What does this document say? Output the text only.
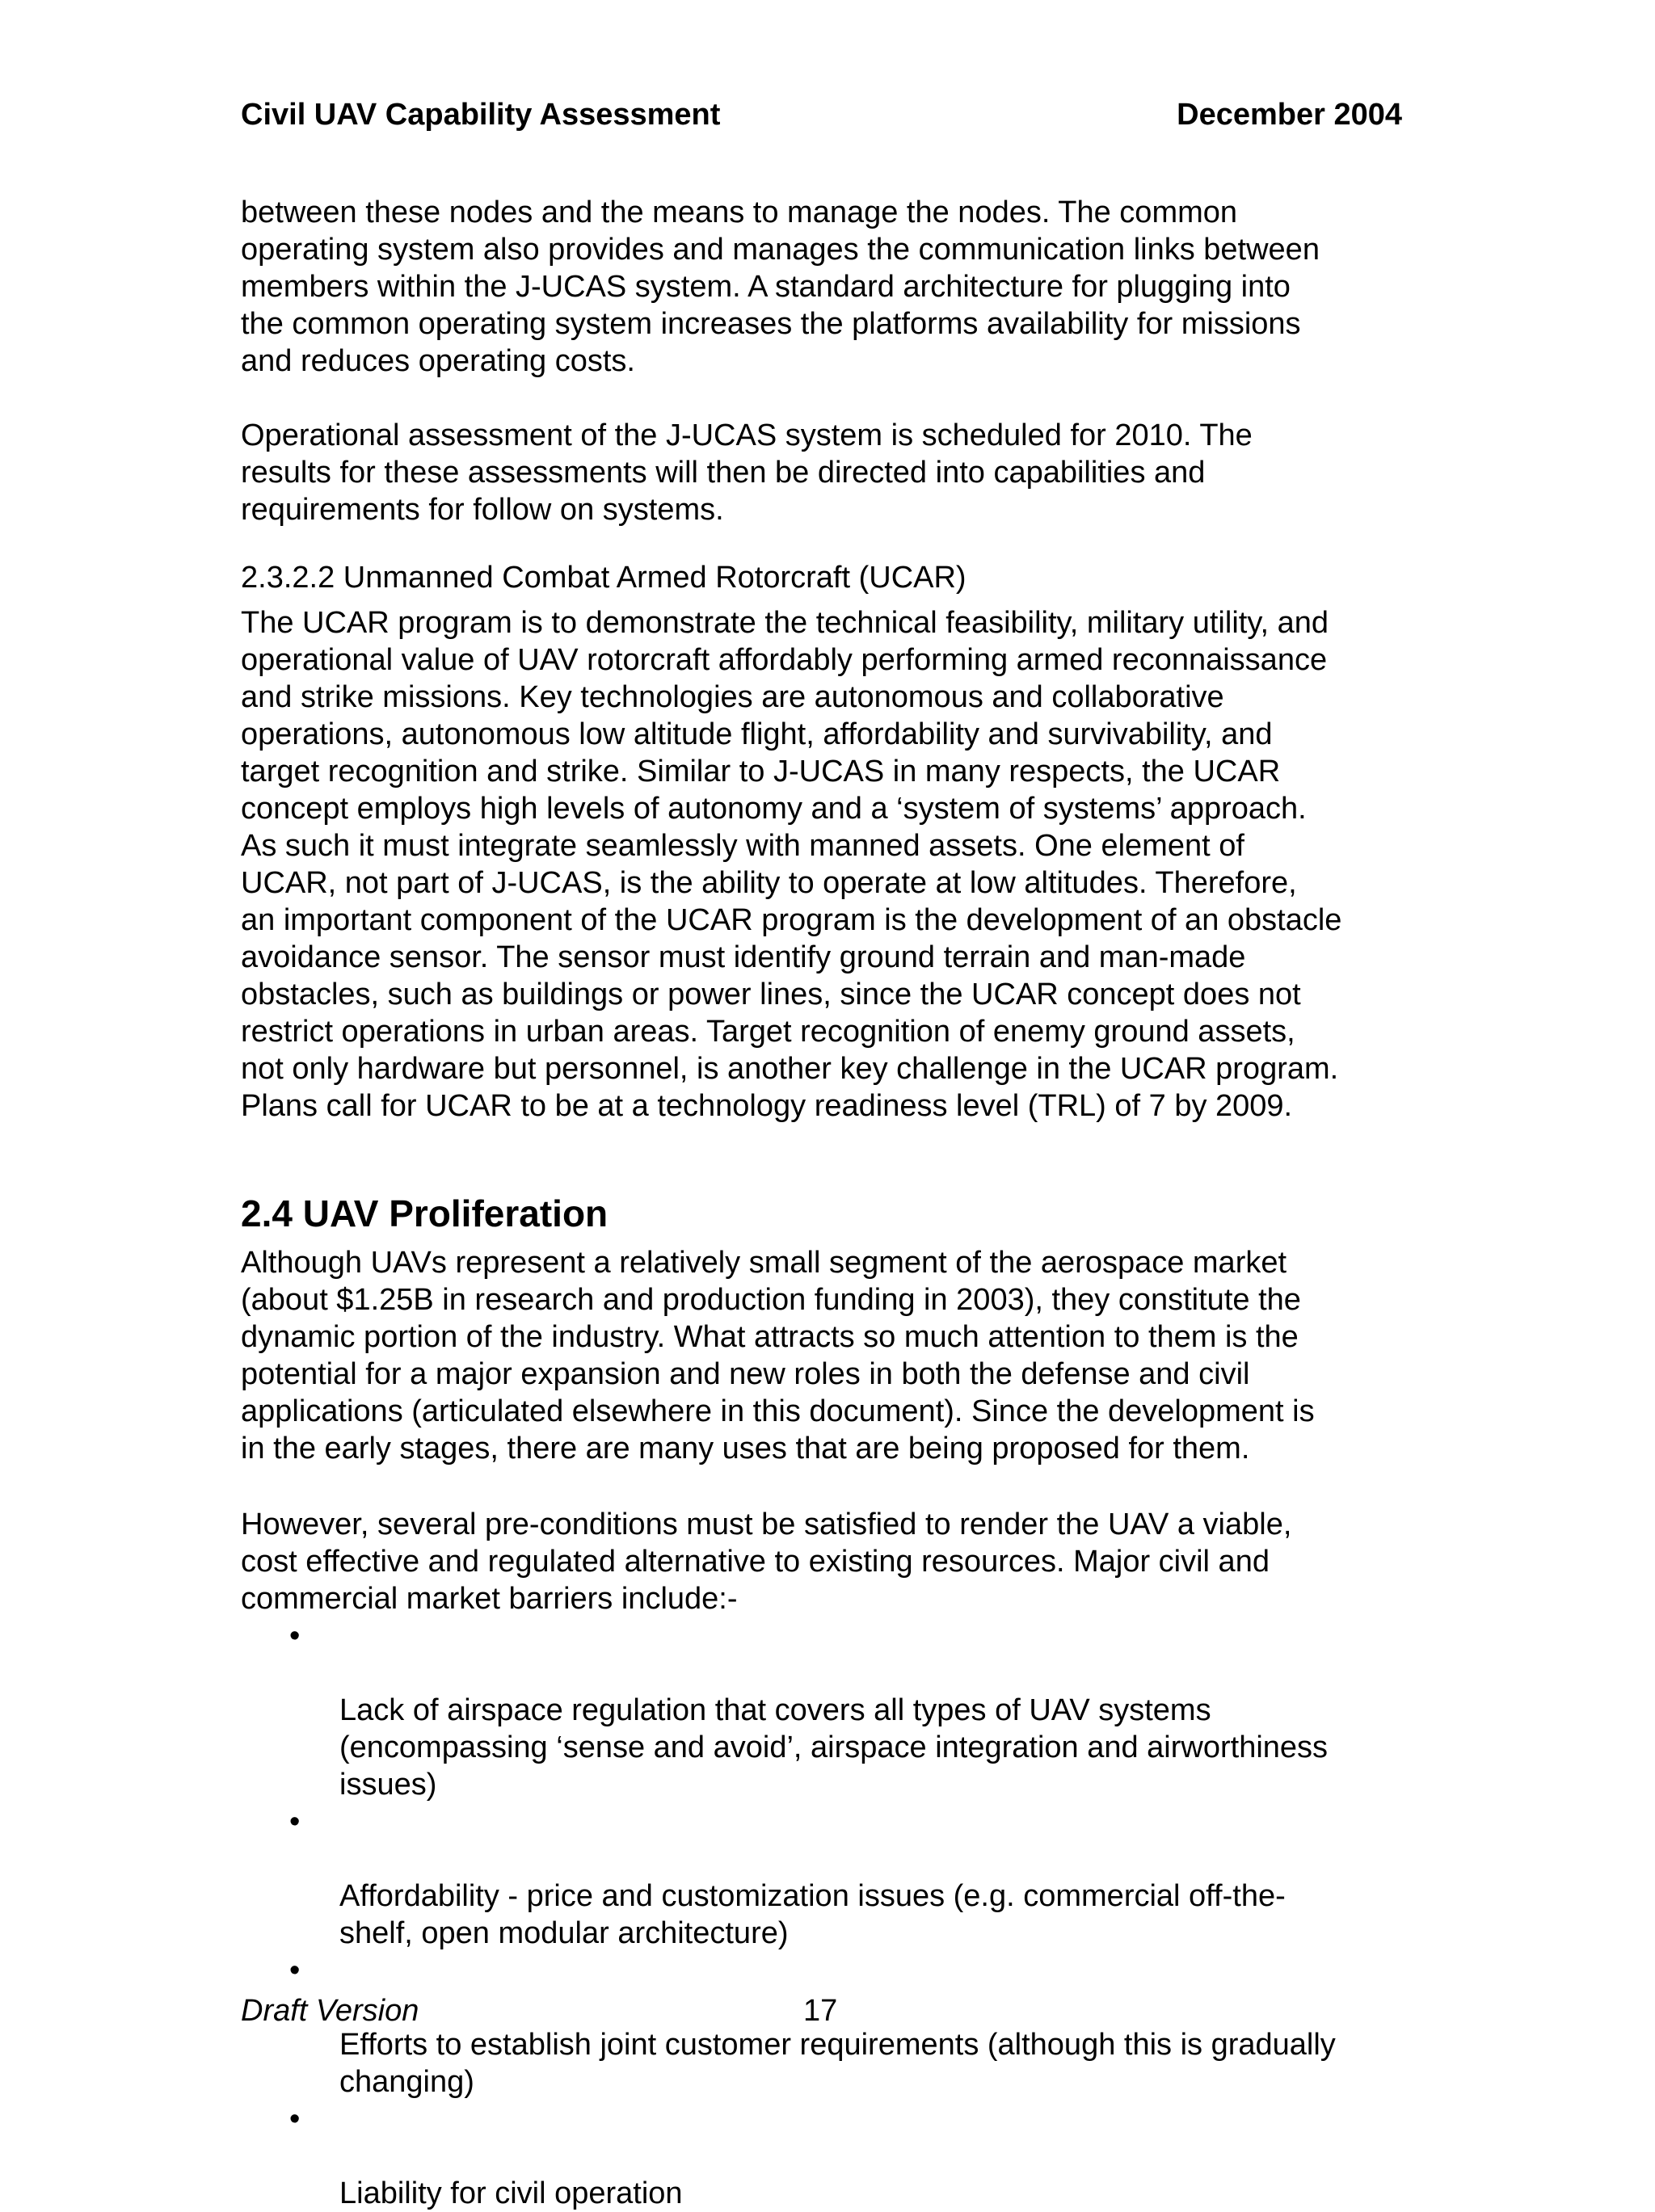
Civil UAV Capability Assessment	December 2004

between these nodes and the means to manage the nodes. The common
operating system also provides and manages the communication links between
members within the J-UCAS system. A standard architecture for plugging into
the common operating system increases the platforms availability for missions
and reduces operating costs.

Operational assessment of the J-UCAS system is scheduled for 2010. The
results for these assessments will then be directed into capabilities and
requirements for follow on systems.

2.3.2.2 Unmanned Combat Armed Rotorcraft (UCAR)

The UCAR program is to demonstrate the technical feasibility, military utility, and
operational value of UAV rotorcraft affordably performing armed reconnaissance
and strike missions. Key technologies are autonomous and collaborative
operations, autonomous low altitude flight, affordability and survivability, and
target recognition and strike. Similar to J-UCAS in many respects, the UCAR
concept employs high levels of autonomy and a ‘system of systems’ approach.
As such it must integrate seamlessly with manned assets. One element of
UCAR, not part of J-UCAS, is the ability to operate at low altitudes. Therefore,
an important component of the UCAR program is the development of an obstacle
avoidance sensor. The sensor must identify ground terrain and man-made
obstacles, such as buildings or power lines, since the UCAR concept does not
restrict operations in urban areas. Target recognition of enemy ground assets,
not only hardware but personnel, is another key challenge in the UCAR program.
Plans call for UCAR to be at a technology readiness level (TRL) of 7 by 2009.

2.4 UAV Proliferation

Although UAVs represent a relatively small segment of the aerospace market
(about $1.25B in research and production funding in 2003), they constitute the
dynamic portion of the industry. What attracts so much attention to them is the
potential for a major expansion and new roles in both the defense and civil
applications (articulated elsewhere in this document). Since the development is
in the early stages, there are many uses that are being proposed for them.

However, several pre-conditions must be satisfied to render the UAV a viable,
cost effective and regulated alternative to existing resources. Major civil and
commercial market barriers include:-

•

Lack of airspace regulation that covers all types of UAV systems
(encompassing ‘sense and avoid’, airspace integration and airworthiness
issues)

•

Affordability - price and customization issues (e.g. commercial off-the-
shelf, open modular architecture)

•

Efforts to establish joint customer requirements (although this is gradually
changing)

•

Liability for civil operation

Draft Version	17
